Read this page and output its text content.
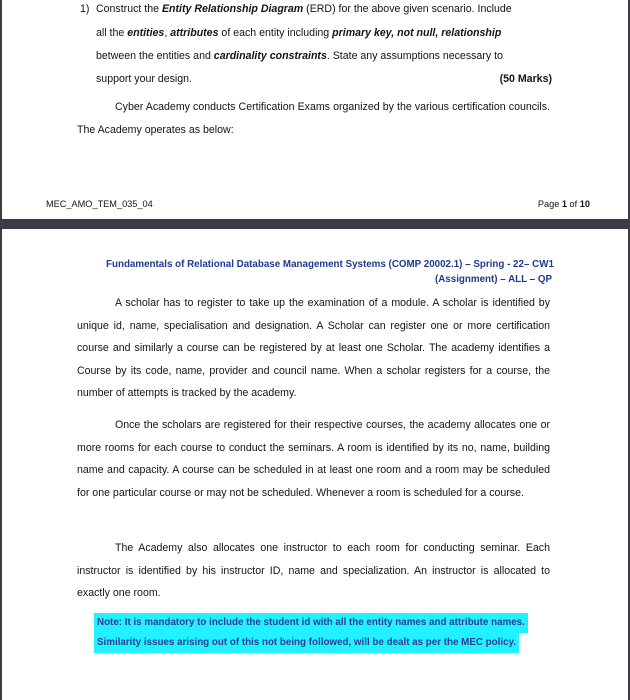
1) Construct the Entity Relationship Diagram (ERD) for the above given scenario. Include
all the entities, attributes of each entity including primary key, not null, relationship
between the entities and cardinality constraints. State any assumptions necessary to
support your design.	(50 Marks)
Cyber Academy conducts Certification Exams organized by the various certification councils. The Academy operates as below:
MEC_AMO_TEM_035_04	Page 1 of 10
Fundamentals of Relational Database Management Systems (COMP 20002.1) – Spring - 22– CW1
(Assignment) – ALL – QP
A scholar has to register to take up the examination of a module. A scholar is identified by unique id, name, specialisation and designation. A Scholar can register one or more certification course and similarly a course can be registered by at least one Scholar. The academy identifies a Course by its code, name, provider and council name. When a scholar registers for a course, the number of attempts is tracked by the academy.
Once the scholars are registered for their respective courses, the academy allocates one or more rooms for each course to conduct the seminars. A room is identified by its no, name, building name and capacity. A course can be scheduled in at least one room and a room may be scheduled for one particular course or may not be scheduled. Whenever a room is scheduled for a course.
The Academy also allocates one instructor to each room for conducting seminar. Each instructor is identified by his instructor ID, name and specialization. An instructor is allocated to exactly one room.
Note: It is mandatory to include the student id with all the entity names and attribute names.
Similarity issues arising out of this not being followed, will be dealt as per the MEC policy.
